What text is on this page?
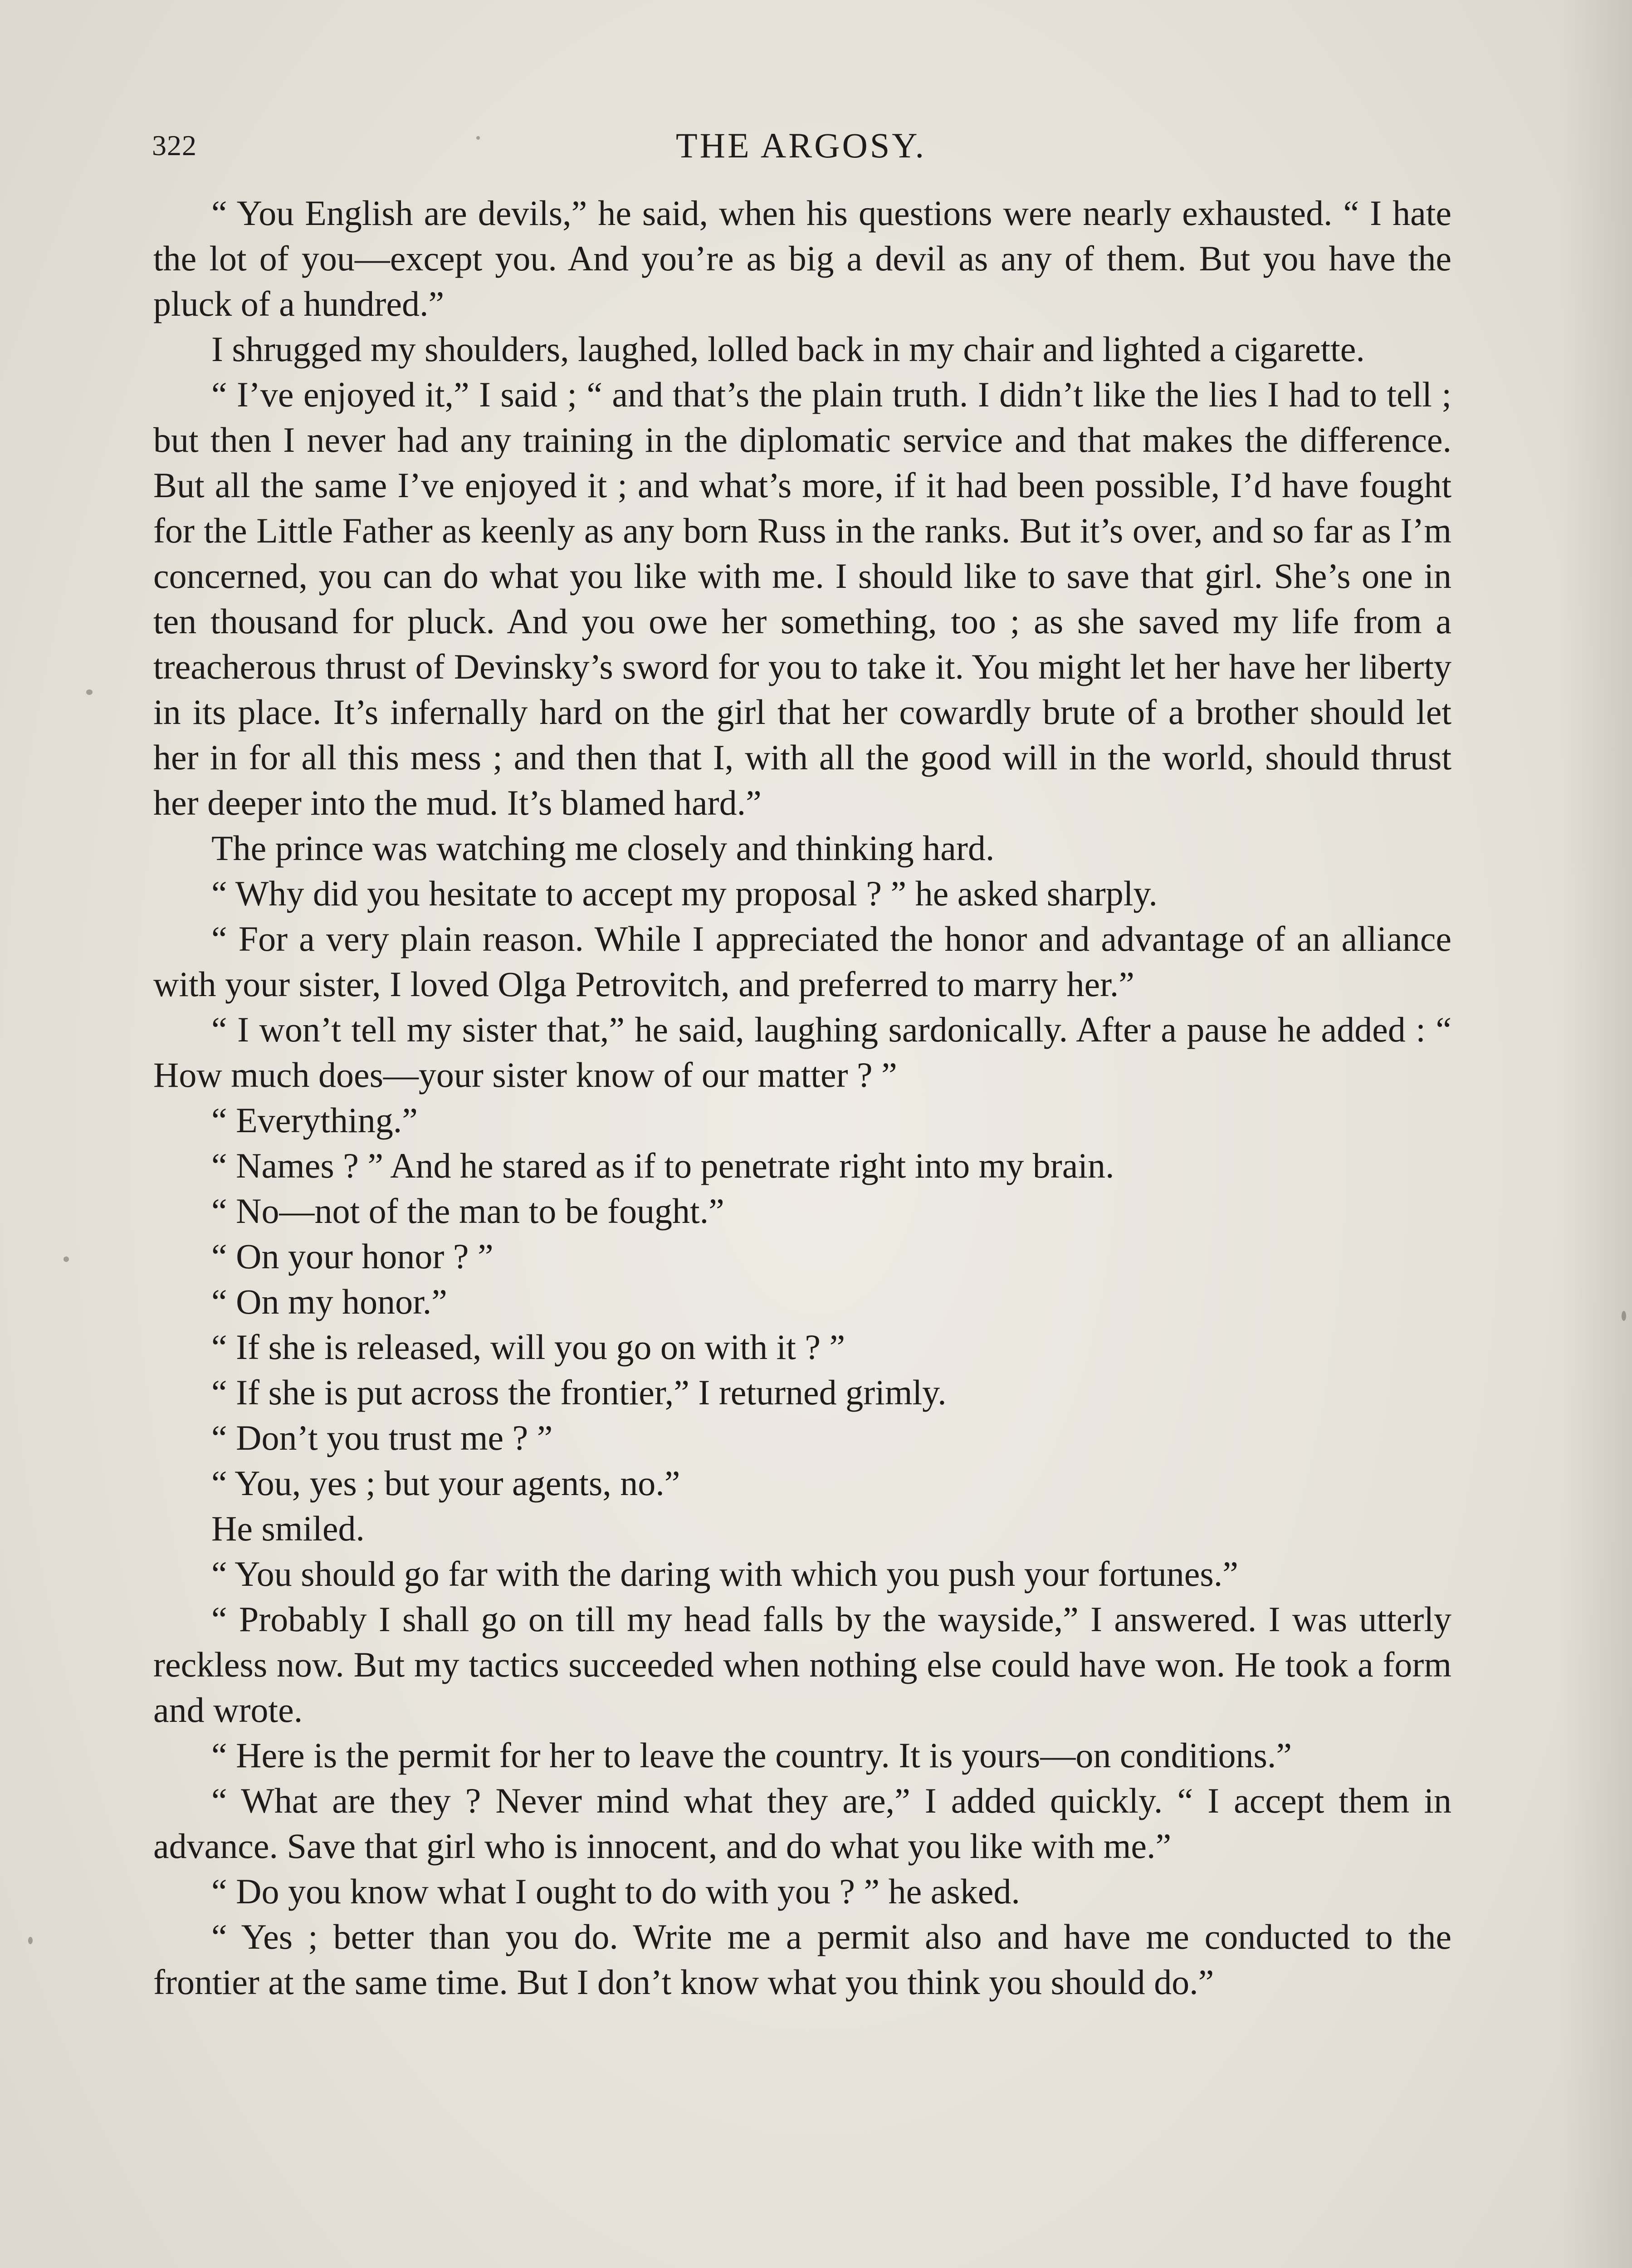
322	THE ARGOSY.

“ You English are devils,” he said, when his questions were nearly exhausted. “ I hate the lot of you—except you. And you’re as big a devil as any of them. But you have the pluck of a hundred.”

I shrugged my shoulders, laughed, lolled back in my chair and lighted a cigarette.

“ I’ve enjoyed it,” I said ; “ and that’s the plain truth. I didn’t like the lies I had to tell ; but then I never had any training in the diplomatic service and that makes the difference. But all the same I’ve enjoyed it ; and what’s more, if it had been possible, I’d have fought for the Little Father as keenly as any born Russ in the ranks. But it’s over, and so far as I’m concerned, you can do what you like with me. I should like to save that girl. She’s one in ten thousand for pluck. And you owe her something, too ; as she saved my life from a treacherous thrust of Devinsky’s sword for you to take it. You might let her have her liberty in its place. It’s infernally hard on the girl that her cowardly brute of a brother should let her in for all this mess ; and then that I, with all the good will in the world, should thrust her deeper into the mud. It’s blamed hard.”

The prince was watching me closely and thinking hard.

“ Why did you hesitate to accept my proposal ? ” he asked sharply.

“ For a very plain reason. While I appreciated the honor and advantage of an alliance with your sister, I loved Olga Petrovitch, and preferred to marry her.”

“ I won’t tell my sister that,” he said, laughing sardonically. After a pause he added : “ How much does—your sister know of our matter ? ”

“ Everything.”

“ Names ? ” And he stared as if to penetrate right into my brain.

“ No—not of the man to be fought.”

“ On your honor ? ”

“ On my honor.”

“ If she is released, will you go on with it ? ”

“ If she is put across the frontier,” I returned grimly.

“ Don’t you trust me ? ”

“ You, yes ; but your agents, no.”

He smiled.

“ You should go far with the daring with which you push your fortunes.”

“ Probably I shall go on till my head falls by the wayside,” I answered. I was utterly reckless now. But my tactics succeeded when nothing else could have won. He took a form and wrote.

“ Here is the permit for her to leave the country. It is yours—on conditions.”

“ What are they ? Never mind what they are,” I added quickly. “ I accept them in advance. Save that girl who is innocent, and do what you like with me.”

“ Do you know what I ought to do with you ? ” he asked.

“ Yes ; better than you do. Write me a permit also and have me conducted to the frontier at the same time. But I don’t know what you think you should do.”
